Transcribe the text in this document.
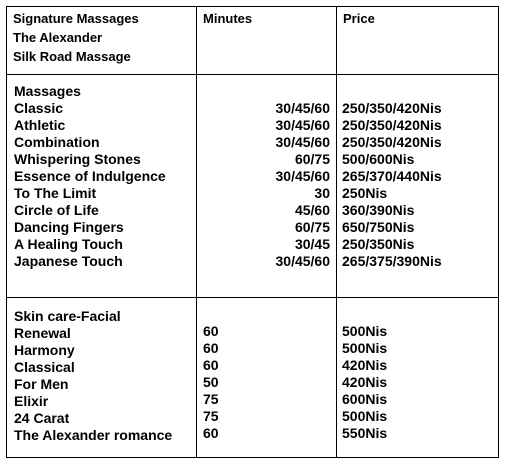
Signature Massages
The Alexander
Silk Road Massage
Minutes	Price
Massages
Classic
Athletic
Combination
Whispering Stones
Essence of Indulgence
To The Limit
Circle of Life
Dancing Fingers
A Healing Touch
Japanese Touch
30/45/60
30/45/60
30/45/60
60/75
30/45/60
30
45/60
60/75
30/45
30/45/60
250/350/420Nis
250/350/420Nis
250/350/420Nis
500/600Nis
265/370/440Nis
250Nis
360/390Nis
650/750Nis
250/350Nis
265/375/390Nis
Skin care-Facial
Renewal
Harmony
Classical
For Men
Elixir
24 Carat
The Alexander romance
60
60
60
50
75
75
60
500Nis
500Nis
420Nis
420Nis
600Nis
500Nis
550Nis
